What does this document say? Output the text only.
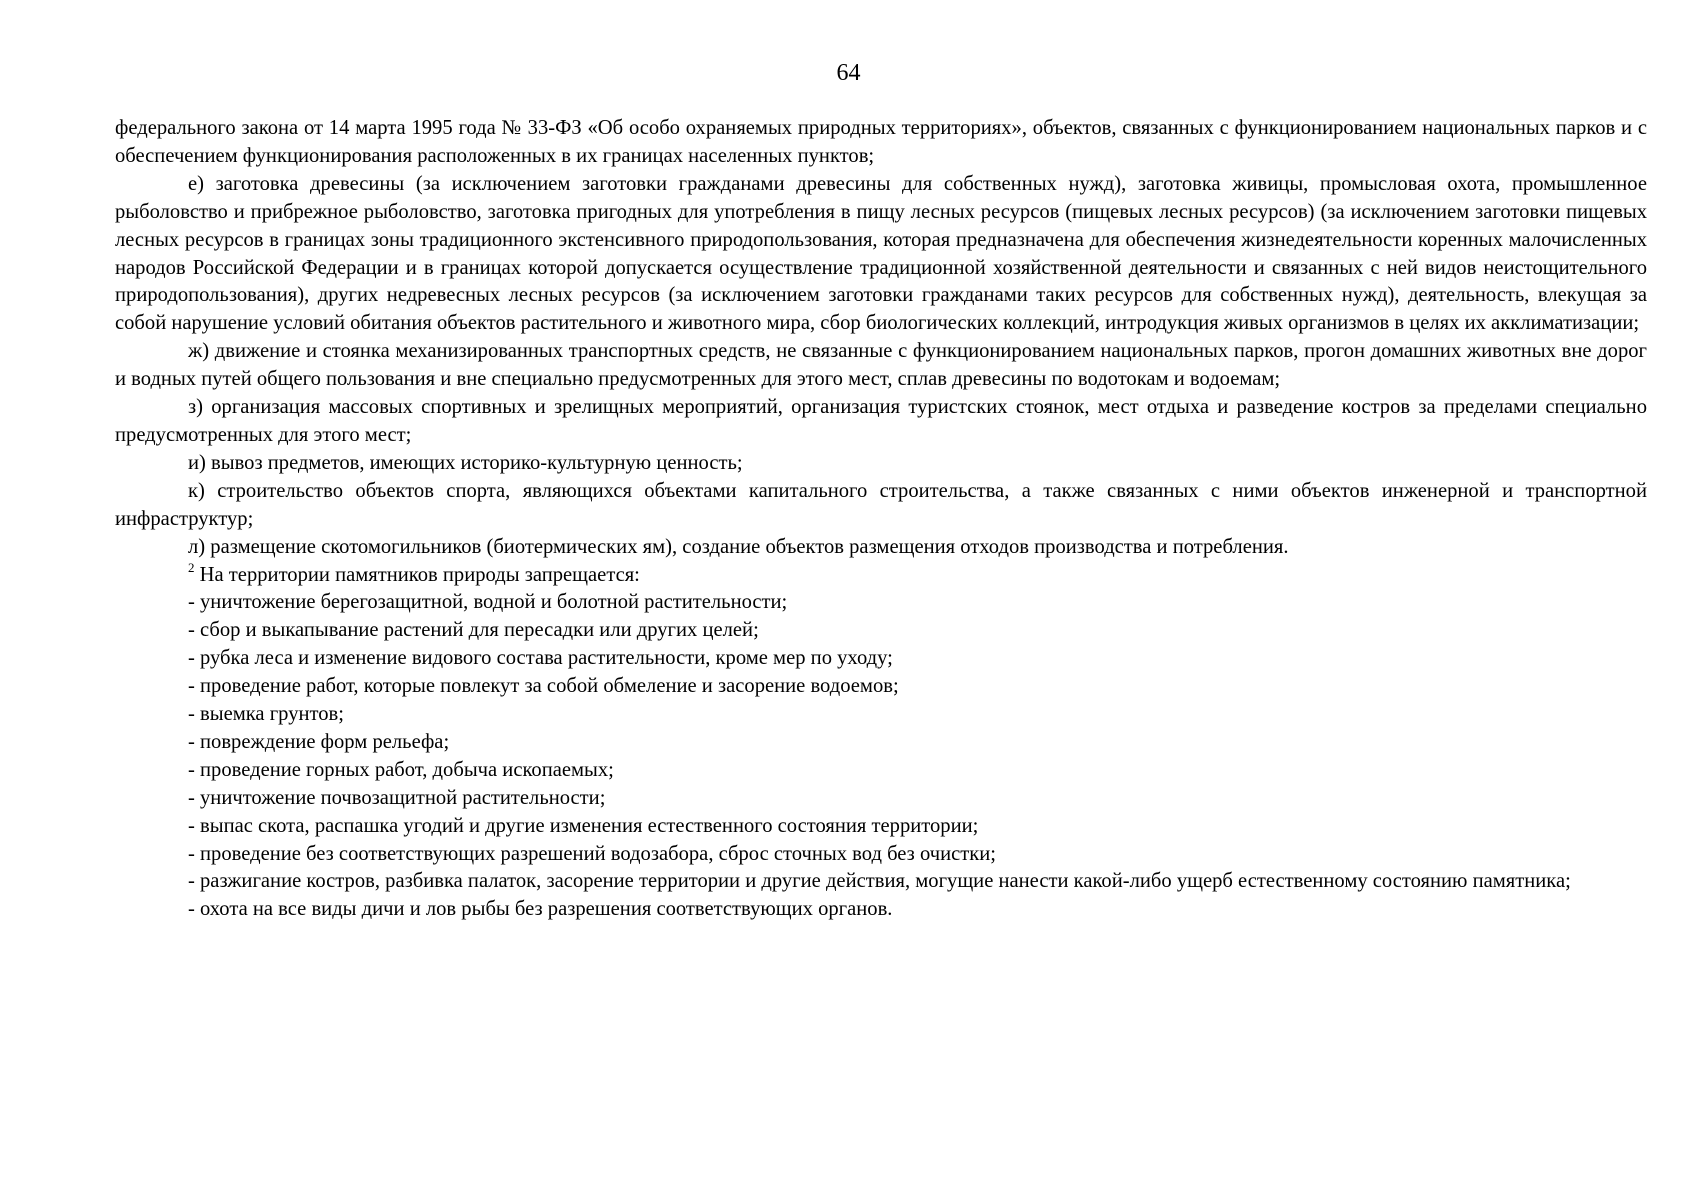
64

федерального закона от 14 марта 1995 года № 33-ФЗ «Об особо охраняемых природных территориях», объектов, связанных с функционированием национальных парков и с обеспечением функционирования расположенных в их границах населенных пунктов;

е) заготовка древесины (за исключением заготовки гражданами древесины для собственных нужд), заготовка живицы, промысловая охота, промышленное рыболовство и прибрежное рыболовство, заготовка пригодных для употребления в пищу лесных ресурсов (пищевых лесных ресурсов) (за исключением заготовки пищевых лесных ресурсов в границах зоны традиционного экстенсивного природопользования, которая предназначена для обеспечения жизнедеятельности коренных малочисленных народов Российской Федерации и в границах которой допускается осуществление традиционной хозяйственной деятельности и связанных с ней видов неистощительного природопользования), других недревесных лесных ресурсов (за исключением заготовки гражданами таких ресурсов для собственных нужд), деятельность, влекущая за собой нарушение условий обитания объектов растительного и животного мира, сбор биологических коллекций, интродукция живых организмов в целях их акклиматизации;

ж) движение и стоянка механизированных транспортных средств, не связанные с функционированием национальных парков, прогон домашних животных вне дорог и водных путей общего пользования и вне специально предусмотренных для этого мест, сплав древесины по водотокам и водоемам;

з) организация массовых спортивных и зрелищных мероприятий, организация туристских стоянок, мест отдыха и разведение костров за пределами специально предусмотренных для этого мест;

и) вывоз предметов, имеющих историко-культурную ценность;

к) строительство объектов спорта, являющихся объектами капитального строительства, а также связанных с ними объектов инженерной и транспортной инфраструктур;

л) размещение скотомогильников (биотермических ям), создание объектов размещения отходов производства и потребления.

$^2$ На территории памятников природы запрещается:

- уничтожение берегозащитной, водной и болотной растительности;

- сбор и выкапывание растений для пересадки или других целей;

- рубка леса и изменение видового состава растительности, кроме мер по уходу;

- проведение работ, которые повлекут за собой обмеление и засорение водоемов;

- выемка грунтов;

- повреждение форм рельефа;

- проведение горных работ, добыча ископаемых;

- уничтожение почвозащитной растительности;

- выпас скота, распашка угодий и другие изменения естественного состояния территории;

- проведение без соответствующих разрешений водозабора, сброс сточных вод без очистки;

- разжигание костров, разбивка палаток, засорение территории и другие действия, могущие нанести какой-либо ущерб естественному состоянию памятника;

- охота на все виды дичи и лов рыбы без разрешения соответствующих органов.
